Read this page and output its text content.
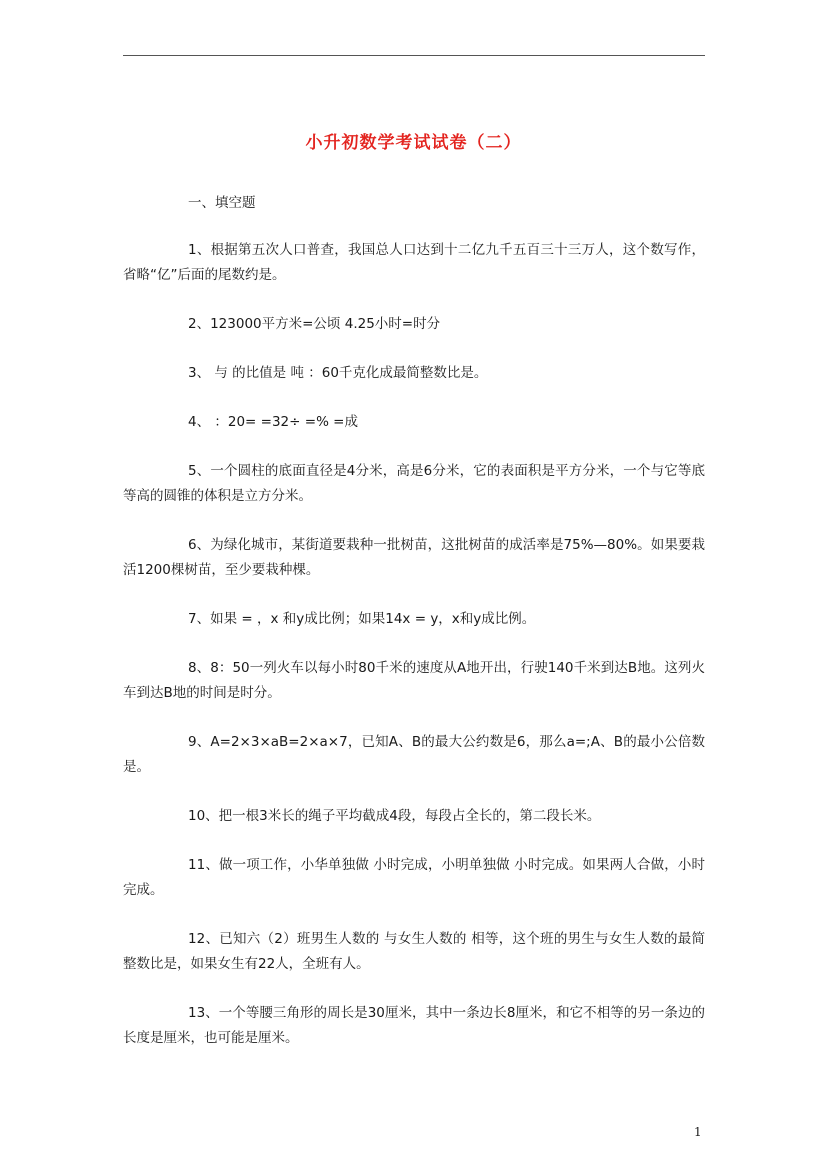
小升初数学考试试卷（二）
一、填空题

1、根据第五次人口普查，我国总人口达到十二亿九千五百三十三万人，这个数写作，省略“亿”后面的尾数约是。

2、123000平方米=公顷 4.25小时=时分

3、 与 的比值是 吨 ：60千克化成最简整数比是。

4、 ：20= =32÷ =% =成

5、一个圆柱的底面直径是4分米，高是6分米，它的表面积是平方分米，一个与它等底等高的圆锥的体积是立方分米。

6、为绿化城市，某街道要栽种一批树苗，这批树苗的成活率是75%—80%。如果要栽活1200棵树苗，至少要栽种棵。

7、如果 = ，x 和y成比例；如果14x = y，x和y成比例。

8、8：50一列火车以每小时80千米的速度从A地开出，行驶140千米到达B地。这列火车到达B地的时间是时分。

9、A=2×3×aB=2×a×7，已知A、B的最大公约数是6，那么a=;A、B的最小公倍数是。

10、把一根3米长的绳子平均截成4段，每段占全长的，第二段长米。

11、做一项工作，小华单独做 小时完成，小明单独做 小时完成。如果两人合做，小时完成。

12、已知六（2）班男生人数的 与女生人数的 相等，这个班的男生与女生人数的最简整数比是，如果女生有22人，全班有人。

13、一个等腰三角形的周长是30厘米，其中一条边长8厘米，和它不相等的另一条边的长度是厘米，也可能是厘米。

1
